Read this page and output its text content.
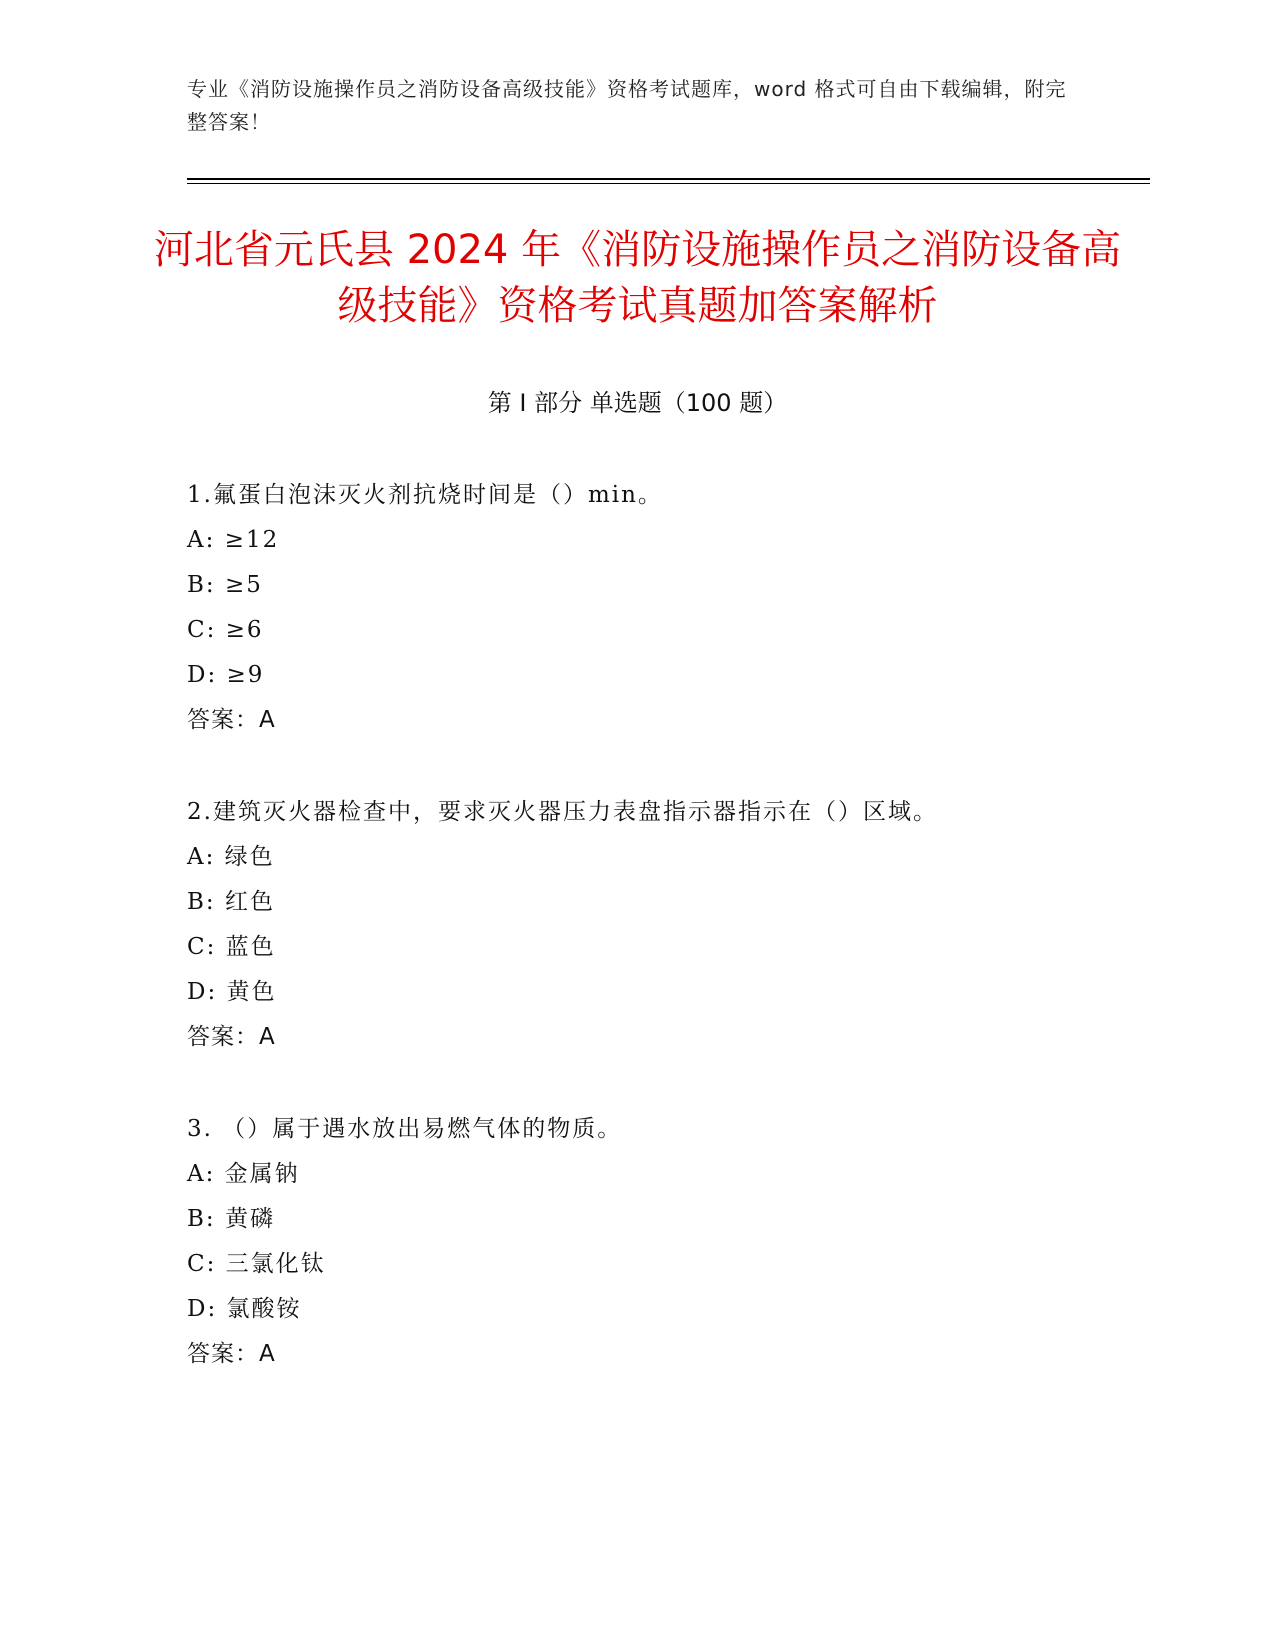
专业《消防设施操作员之消防设备高级技能》资格考试题库，word 格式可自由下载编辑，附完整答案！
河北省元氏县 2024 年《消防设施操作员之消防设备高级技能》资格考试真题加答案解析
第 I 部分 单选题（100 题）
1.氟蛋白泡沫灭火剂抗烧时间是（）min。
A: ≥12
B: ≥5
C: ≥6
D: ≥9
答案：A
2.建筑灭火器检查中，要求灭火器压力表盘指示器指示在（）区域。
A: 绿色
B: 红色
C: 蓝色
D: 黄色
答案：A
3. （）属于遇水放出易燃气体的物质。
A: 金属钠
B: 黄磷
C: 三氯化钛
D: 氯酸铵
答案：A
